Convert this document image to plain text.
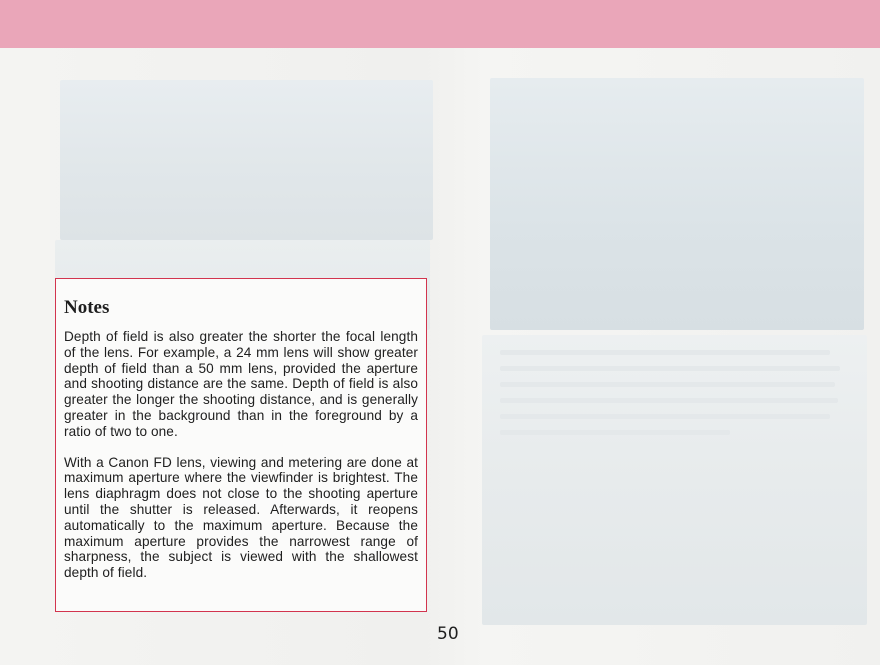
Notes

Depth of field is also greater the shorter the focal length of the lens. For example, a 24 mm lens will show greater depth of field than a 50 mm lens, provided the aperture and shooting distance are the same. Depth of field is also greater the longer the shooting distance, and is generally greater in the background than in the foreground by a ratio of two to one.

With a Canon FD lens, viewing and metering are done at maximum aperture where the viewfinder is brightest. The lens diaphragm does not close to the shooting aperture until the shutter is released. Afterwards, it reopens automatically to the maximum aperture. Because the maximum aperture provides the narrowest range of sharpness, the subject is viewed with the shallowest depth of field.

50
